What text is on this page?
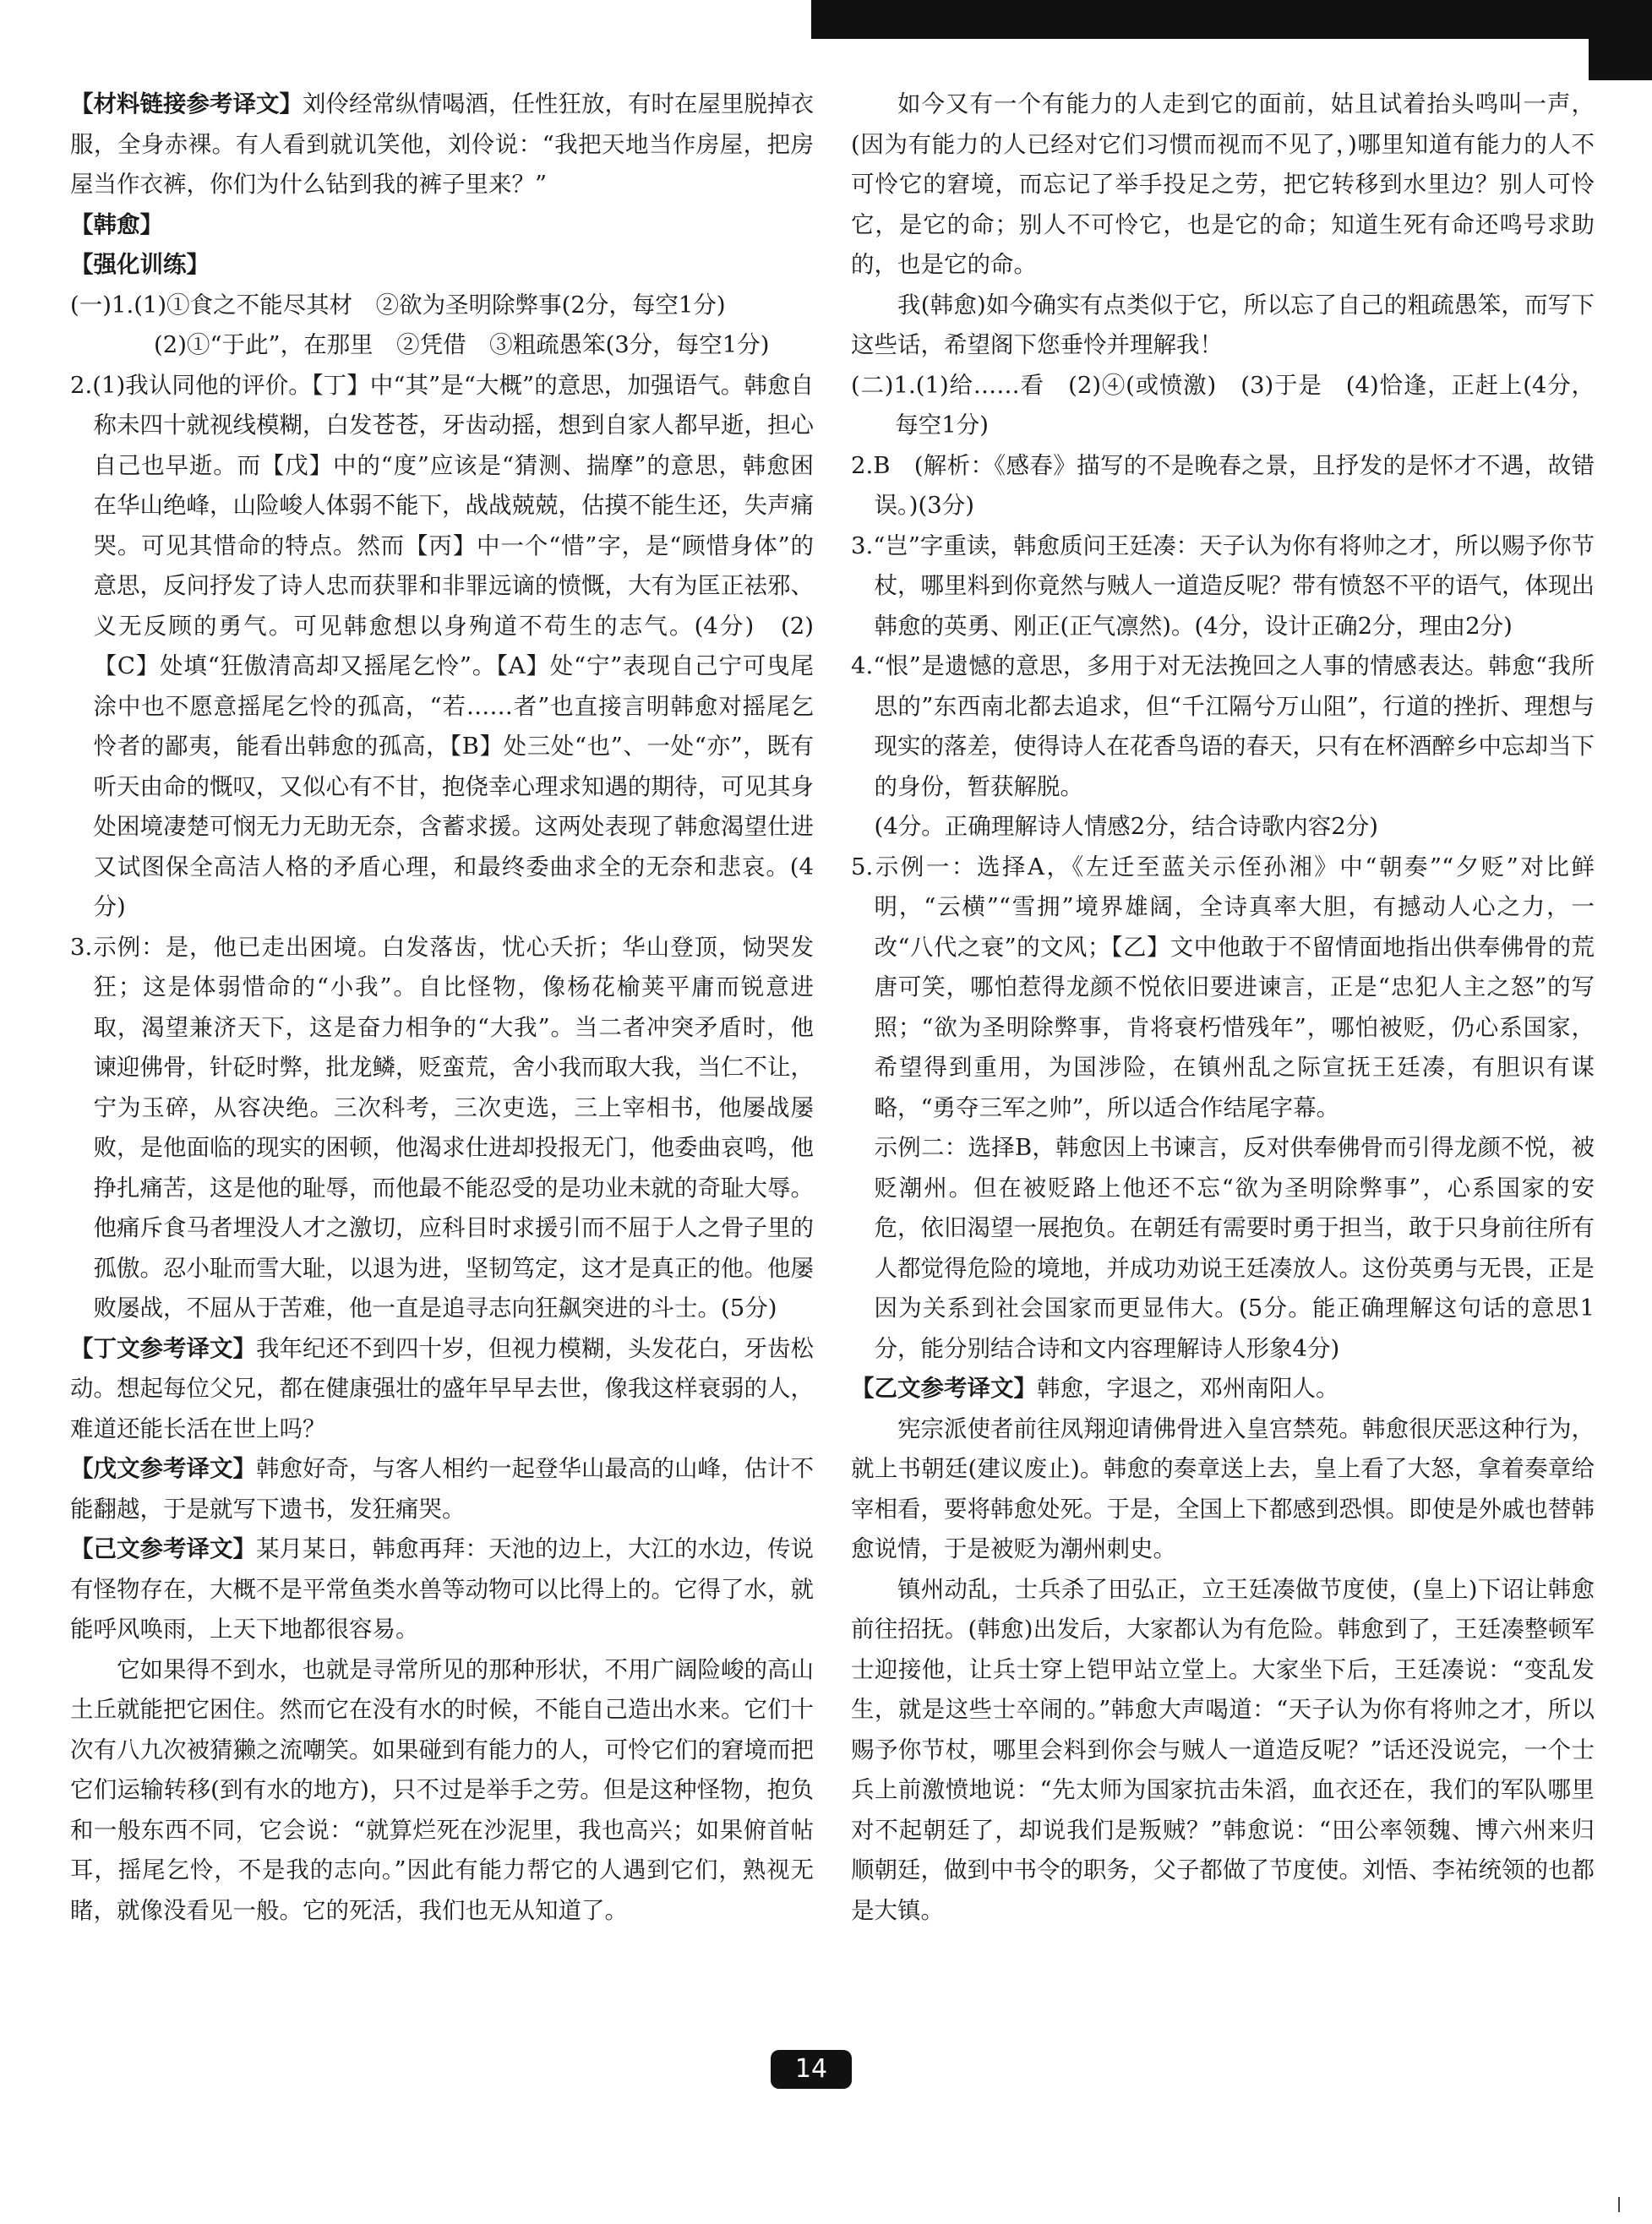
【材料链接参考译文】刘伶经常纵情喝酒，任性狂放，有时在屋里脱掉衣服，全身赤裸。有人看到就讥笑他，刘伶说：“我把天地当作房屋，把房屋当作衣裤，你们为什么钻到我的裤子里来？”

【韩愈】

【强化训练】

(一)1.(1)①食之不能尽其材　②欲为圣明除弊事(2分，每空1分)

(2)①“于此”，在那里　②凭借　③粗疏愚笨(3分，每空1分)

2.(1)我认同他的评价。【丁】中“其”是“大概”的意思，加强语气。韩愈自称未四十就视线模糊，白发苍苍，牙齿动摇，想到自家人都早逝，担心自己也早逝。而【戊】中的“度”应该是“猜测、揣摩”的意思，韩愈困在华山绝峰，山险峻人体弱不能下，战战兢兢，估摸不能生还，失声痛哭。可见其惜命的特点。然而【丙】中一个“惜”字，是“顾惜身体”的意思，反问抒发了诗人忠而获罪和非罪远谪的愤慨，大有为匡正祛邪、义无反顾的勇气。可见韩愈想以身殉道不苟生的志气。(4分)　(2)【C】处填“狂傲清高却又摇尾乞怜”。【A】处“宁”表现自己宁可曳尾涂中也不愿意摇尾乞怜的孤高，“若……者”也直接言明韩愈对摇尾乞怜者的鄙夷，能看出韩愈的孤高，【B】处三处“也”、一处“亦”，既有听天由命的慨叹，又似心有不甘，抱侥幸心理求知遇的期待，可见其身处困境凄楚可悯无力无助无奈，含蓄求援。这两处表现了韩愈渴望仕进又试图保全高洁人格的矛盾心理，和最终委曲求全的无奈和悲哀。(4分)

3.示例：是，他已走出困境。白发落齿，忧心夭折；华山登顶，恸哭发狂；这是体弱惜命的“小我”。自比怪物，像杨花榆荚平庸而锐意进取，渴望兼济天下，这是奋力相争的“大我”。当二者冲突矛盾时，他谏迎佛骨，针砭时弊，批龙鳞，贬蛮荒，舍小我而取大我，当仁不让，宁为玉碎，从容决绝。三次科考，三次吏选，三上宰相书，他屡战屡败，是他面临的现实的困顿，他渴求仕进却投报无门，他委曲哀鸣，他挣扎痛苦，这是他的耻辱，而他最不能忍受的是功业未就的奇耻大辱。他痛斥食马者埋没人才之激切，应科目时求援引而不屈于人之骨子里的孤傲。忍小耻而雪大耻，以退为进，坚韧笃定，这才是真正的他。他屡败屡战，不屈从于苦难，他一直是追寻志向狂飙突进的斗士。(5分)

【丁文参考译文】我年纪还不到四十岁，但视力模糊，头发花白，牙齿松动。想起每位父兄，都在健康强壮的盛年早早去世，像我这样衰弱的人，难道还能长活在世上吗？

【戊文参考译文】韩愈好奇，与客人相约一起登华山最高的山峰，估计不能翻越，于是就写下遗书，发狂痛哭。

【己文参考译文】某月某日，韩愈再拜：天池的边上，大江的水边，传说有怪物存在，大概不是平常鱼类水兽等动物可以比得上的。它得了水，就能呼风唤雨，上天下地都很容易。

它如果得不到水，也就是寻常所见的那种形状，不用广阔险峻的高山土丘就能把它困住。然而它在没有水的时候，不能自己造出水来。它们十次有八九次被猜獭之流嘲笑。如果碰到有能力的人，可怜它们的窘境而把它们运输转移(到有水的地方)，只不过是举手之劳。但是这种怪物，抱负和一般东西不同，它会说：“就算烂死在沙泥里，我也高兴；如果俯首帖耳，摇尾乞怜，不是我的志向。”因此有能力帮它的人遇到它们，熟视无睹，就像没看见一般。它的死活，我们也无从知道了。

如今又有一个有能力的人走到它的面前，姑且试着抬头鸣叫一声，(因为有能力的人已经对它们习惯而视而不见了，)哪里知道有能力的人不可怜它的窘境，而忘记了举手投足之劳，把它转移到水里边？别人可怜它，是它的命；别人不可怜它，也是它的命；知道生死有命还鸣号求助的，也是它的命。

我(韩愈)如今确实有点类似于它，所以忘了自己的粗疏愚笨，而写下这些话，希望阁下您垂怜并理解我！

(二)1.(1)给……看　(2)④(或愤激)　(3)于是　(4)恰逢，正赶上(4分，每空1分)

2.B　(解析：《感春》描写的不是晚春之景，且抒发的是怀才不遇，故错误。)(3分)

3.“岂”字重读，韩愈质问王廷凑：天子认为你有将帅之才，所以赐予你节杖，哪里料到你竟然与贼人一道造反呢？带有愤怒不平的语气，体现出韩愈的英勇、刚正(正气凛然)。(4分，设计正确2分，理由2分)

4.“恨”是遗憾的意思，多用于对无法挽回之人事的情感表达。韩愈“我所思的”东西南北都去追求，但“千江隔兮万山阻”，行道的挫折、理想与现实的落差，使得诗人在花香鸟语的春天，只有在杯酒醉乡中忘却当下的身份，暂获解脱。

(4分。正确理解诗人情感2分，结合诗歌内容2分)

5.示例一：选择A，《左迁至蓝关示侄孙湘》中“朝奏”“夕贬”对比鲜明，“云横”“雪拥”境界雄阔，全诗真率大胆，有撼动人心之力，一改“八代之衰”的文风；【乙】文中他敢于不留情面地指出供奉佛骨的荒唐可笑，哪怕惹得龙颜不悦依旧要进谏言，正是“忠犯人主之怒”的写照；“欲为圣明除弊事，肯将衰朽惜残年”，哪怕被贬，仍心系国家，希望得到重用，为国涉险，在镇州乱之际宣抚王廷凑，有胆识有谋略，“勇夺三军之帅”，所以适合作结尾字幕。

示例二：选择B，韩愈因上书谏言，反对供奉佛骨而引得龙颜不悦，被贬潮州。但在被贬路上他还不忘“欲为圣明除弊事”，心系国家的安危，依旧渴望一展抱负。在朝廷有需要时勇于担当，敢于只身前往所有人都觉得危险的境地，并成功劝说王廷凑放人。这份英勇与无畏，正是因为关系到社会国家而更显伟大。(5分。能正确理解这句话的意思1分，能分别结合诗和文内容理解诗人形象4分)

【乙文参考译文】韩愈，字退之，邓州南阳人。

宪宗派使者前往凤翔迎请佛骨进入皇宫禁苑。韩愈很厌恶这种行为，就上书朝廷(建议废止)。韩愈的奏章送上去，皇上看了大怒，拿着奏章给宰相看，要将韩愈处死。于是，全国上下都感到恐惧。即使是外戚也替韩愈说情，于是被贬为潮州刺史。

镇州动乱，士兵杀了田弘正，立王廷凑做节度使，(皇上)下诏让韩愈前往招抚。(韩愈)出发后，大家都认为有危险。韩愈到了，王廷凑整顿军士迎接他，让兵士穿上铠甲站立堂上。大家坐下后，王廷凑说：“变乱发生，就是这些士卒闹的。”韩愈大声喝道：“天子认为你有将帅之才，所以赐予你节杖，哪里会料到你会与贼人一道造反呢？”话还没说完，一个士兵上前激愤地说：“先太师为国家抗击朱滔，血衣还在，我们的军队哪里对不起朝廷了，却说我们是叛贼？”韩愈说：“田公率领魏、博六州来归顺朝廷，做到中书令的职务，父子都做了节度使。刘悟、李祐统领的也都是大镇。

14
